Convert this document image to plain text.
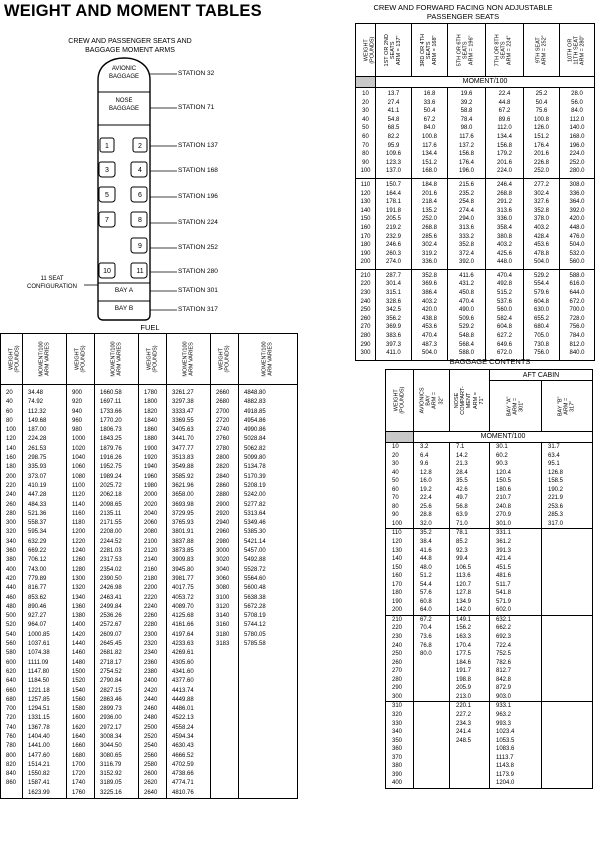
WEIGHT AND MOMENT TABLES
CREW AND PASSENGER SEATS AND
BAGGAGE MOMENT ARMS
1	2
3	4
5	6
7	8
9
10	11
AVIONIC
BAGGAGE
NOSE
BAGGAGE
BAY A
BAY B
11 SEAT
CONFIGURATION
STATION 32
STATION 71
STATION 137
STATION 168
STATION 196
STATION 224
STATION 252
STATION 280
STATION 301
STATION 317
FUEL
WEIGHT
(POUNDS)	MOMENT/100
ARM VARIES	WEIGHT
(POUNDS)	MOMENT/100
ARM VARIES	WEIGHT
(POUNDS)	MOMENT/100
ARM VARIES	WEIGHT
(POUNDS)	MOMENT/100
ARM VARIES
20	34.48	900	1660.58	1780	3261.27	2660	4848.80
40	74.92	920	1697.11	1800	3297.38	2680	4882.83
60	112.32	940	1733.66	1820	3333.47	2700	4918.85
80	149.68	960	1770.20	1840	3369.55	2720	4954.86
100	187.00	980	1806.73	1860	3405.63	2740	4990.86
120	224.28	1000	1843.25	1880	3441.70	2760	5028.84
140	261.53	1020	1879.76	1900	3477.77	2780	5062.82
160	298.75	1040	1916.26	1920	3513.83	2800	5099.80
180	335.93	1060	1952.75	1940	3549.88	2820	5134.78
200	373.07	1080	1989.24	1960	3585.92	2840	5170.39
220	410.19	1100	2025.72	1980	3621.96	2860	5208.19
240	447.28	1120	2062.18	2000	3658.00	2880	5242.00
260	484.33	1140	2098.65	2020	3693.98	2900	5277.82
280	521.36	1160	2135.11	2040	3729.95	2920	5313.64
300	558.37	1180	2171.55	2060	3765.93	2940	5349.46
320	595.34	1200	2208.00	2080	3801.91	2960	5385.30
340	632.29	1220	2244.52	2100	3837.88	2980	5421.14
360	669.22	1240	2281.03	2120	3873.85	3000	5457.00
380	706.12	1260	2317.53	2140	3909.83	3020	5492.88
400	743.00	1280	2354.02	2160	3945.80	3040	5528.72
420	779.89	1300	2390.50	2180	3981.77	3060	5564.60
440	816.77	1320	2426.98	2200	4017.75	3080	5600.48
460	853.62	1340	2463.41	2220	4053.72	3100	5638.38
480	890.46	1360	2499.84	2240	4089.70	3120	5672.28
500	927.27	1380	2536.26	2260	4125.68	3140	5708.19
520	964.07	1400	2572.67	2280	4161.66	3160	5744.12
540	1000.85	1420	2609.07	2300	4197.64	3180	5780.05
560	1037.61	1440	2645.45	2320	4233.63	3183	5785.58
580	1074.38	1460	2681.82	2340	4269.61		
600	1111.09	1480	2718.17	2360	4305.60		
620	1147.80	1500	2754.52	2380	4341.60		
640	1184.50	1520	2790.84	2400	4377.60		
660	1221.18	1540	2827.15	2420	4413.74		
680	1257.85	1560	2863.46	2440	4449.88		
700	1294.51	1580	2899.73	2460	4486.01		
720	1331.15	1600	2936.00	2480	4522.13		
740	1367.78	1620	2972.17	2500	4558.24		
760	1404.40	1640	3008.34	2520	4594.34		
780	1441.00	1660	3044.50	2540	4630.43		
800	1477.60	1680	3080.65	2560	4666.52		
820	1514.21	1700	3116.79	2580	4702.59		
840	1550.82	1720	3152.92	2600	4738.66		
860	1587.41	1740	3189.05	2620	4774.71		
	1623.99	1760	3225.16	2640	4810.76		
CREW AND FORWARD FACING NON ADJUSTABLE
PASSENGER SEATS
WEIGHT
(POUNDS)	1ST OR 2ND
SEATS
ARM = 137"	3RD OR 4TH
SEATS
ARM = 168"	5TH OR 6TH
SEATS
ARM = 196"	7TH OR 8TH
SEATS
ARM = 224"	9TH SEAT
ARM = 252"	10TH OR
11TH SEAT
ARM = 280"
	MOMENT/100					
10	13.7	16.8	19.6	22.4	25.2	28.0
20	27.4	33.6	39.2	44.8	50.4	56.0
30	41.1	50.4	58.8	67.2	75.6	84.0
40	54.8	67.2	78.4	89.6	100.8	112.0
50	68.5	84.0	98.0	112.0	126.0	140.0
60	82.2	100.8	117.6	134.4	151.2	168.0
70	95.9	117.6	137.2	156.8	176.4	196.0
80	109.6	134.4	156.8	179.2	201.6	224.0
90	123.3	151.2	176.4	201.6	226.8	252.0
100	137.0	168.0	196.0	224.0	252.0	280.0
110	150.7	184.8	215.6	246.4	277.2	308.0
120	164.4	201.6	235.2	268.8	302.4	336.0
130	178.1	218.4	254.8	291.2	327.6	364.0
140	191.8	135.2	274.4	313.6	352.8	392.0
150	205.5	252.0	294.0	336.0	378.0	420.0
160	219.2	268.8	313.6	358.4	403.2	448.0
170	232.9	285.6	333.2	380.8	428.4	476.0
180	246.6	302.4	352.8	403.2	453.6	504.0
190	260.3	319.2	372.4	425.6	478.8	532.0
200	274.0	336.0	392.0	448.0	504.0	560.0
210	287.7	352.8	411.6	470.4	529.2	588.0
220	301.4	369.6	431.2	492.8	554.4	616.0
230	315.1	386.4	450.8	515.2	579.6	644.0
240	328.6	403.2	470.4	537.6	604.8	672.0
250	342.5	420.0	490.0	560.0	630.0	700.0
260	356.2	438.8	509.6	582.4	655.2	728.0
270	369.9	453.6	529.2	604.8	680.4	756.0
280	383.6	470.4	548.8	627.2	705.0	784.0
290	397.3	487.3	568.4	649.6	730.8	812.0
300	411.0	504.0	588.0	672.0	756.0	840.0
BAGGAGE CONTENTS
WEIGHT
(POUNDS)	AVIONICS
BAY
ARM =
32"	NOSE
COMPART-
MENT
ARM =
71"	AFT CABIN	
			BAY "A"
ARM =
301"	BAY "B"
ARM =
317"
	MOMENT/100			
10	3.2	7.1	30.1	31.7
20	6.4	14.2	60.2	63.4
30	9.6	21.3	90.3	95.1
40	12.8	28.4	120.4	126.8
50	16.0	35.5	150.5	158.5
60	19.2	42.6	180.6	190.2
70	22.4	49.7	210.7	221.9
80	25.6	56.8	240.8	253.6
90	28.8	63.9	270.9	285.3
100	32.0	71.0	301.0	317.0
110	35.2	78.1	331.1	
120	38.4	85.2	361.2	
130	41.6	92.3	391.3	
140	44.8	99.4	421.4	
150	48.0	106.5	451.5	
160	51.2	113.6	481.6	
170	54.4	120.7	511.7	
180	57.6	127.8	541.8	
190	60.8	134.9	571.9	
200	64.0	142.0	602.0	
210	67.2	149.1	632.1	
220	70.4	156.2	662.2	
230	73.6	163.3	692.3	
240	76.8	170.4	722.4	
250	80.0	177.5	752.5	
260		184.6	782.6	
270		191.7	812.7	
280		198.8	842.8	
290		205.9	872.9	
300		213.0	903.0	
310		220.1	933.1	
320		227.2	963.2	
330		234.3	993.3	
340		241.4	1023.4	
350		248.5	1053.5	
360			1083.6	
370			1113.7	
380			1143.8	
390			1173.9	
400			1204.0	
